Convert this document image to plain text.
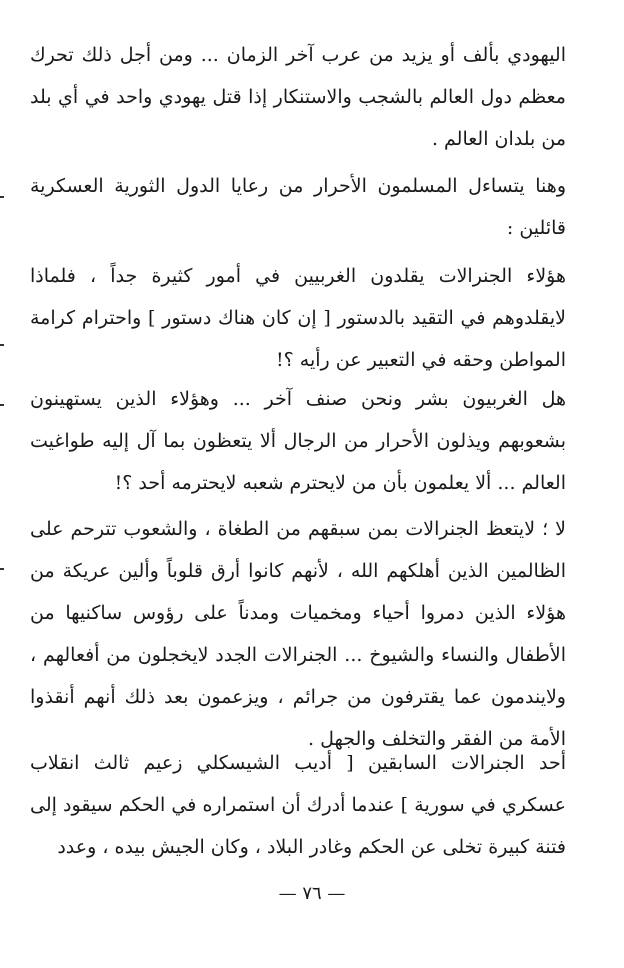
اليهودي بألف أو يزيد من عرب آخر الزمان ... ومن أجل ذلك تحرك معظم دول العالم بالشجب والاستنكار إذا قتل يهودي واحد في أي بلد من بلدان العالم .
وهنا يتساءل المسلمون الأحرار من رعايا الدول الثورية العسكرية قائلين :
هؤلاء الجنرالات يقلدون الغربيين في أمور كثيرة جداً ، فلماذا لايقلدوهم في التقيد بالدستور [ إن كان هناك دستور ] واحترام كرامة المواطن وحقه في التعبير عن رأيه ؟!
هل الغربيون بشر ونحن صنف آخر ... وهؤلاء الذين يستهينون بشعوبهم ويذلون الأحرار من الرجال ألا يتعظون بما آل إليه طواغيت العالم ... ألا يعلمون بأن من لايحترم شعبه لايحترمه أحد ؟!
لا ؛ لايتعظ الجنرالات بمن سبقهم من الطغاة ، والشعوب تترحم على الظالمين الذين أهلكهم الله ، لأنهم كانوا أرق قلوباً وألين عريكة من هؤلاء الذين دمروا أحياء ومخميات ومدناً على رؤوس ساكنيها من الأطفال والنساء والشيوخ ... الجنرالات الجدد لايخجلون من أفعالهم ، ولايندمون عما يقترفون من جرائم ، ويزعمون بعد ذلك أنهم أنقذوا الأمة من الفقر والتخلف والجهل .
أحد الجنرالات السابقين [ أديب الشيسكلي زعيم ثالث انقلاب عسكري في سورية ] عندما أدرك أن استمراره في الحكم سيقود إلى فتنة كبيرة تخلى عن الحكم وغادر البلاد ، وكان الجيش بيده ، وعدد
— ٧٦ —
